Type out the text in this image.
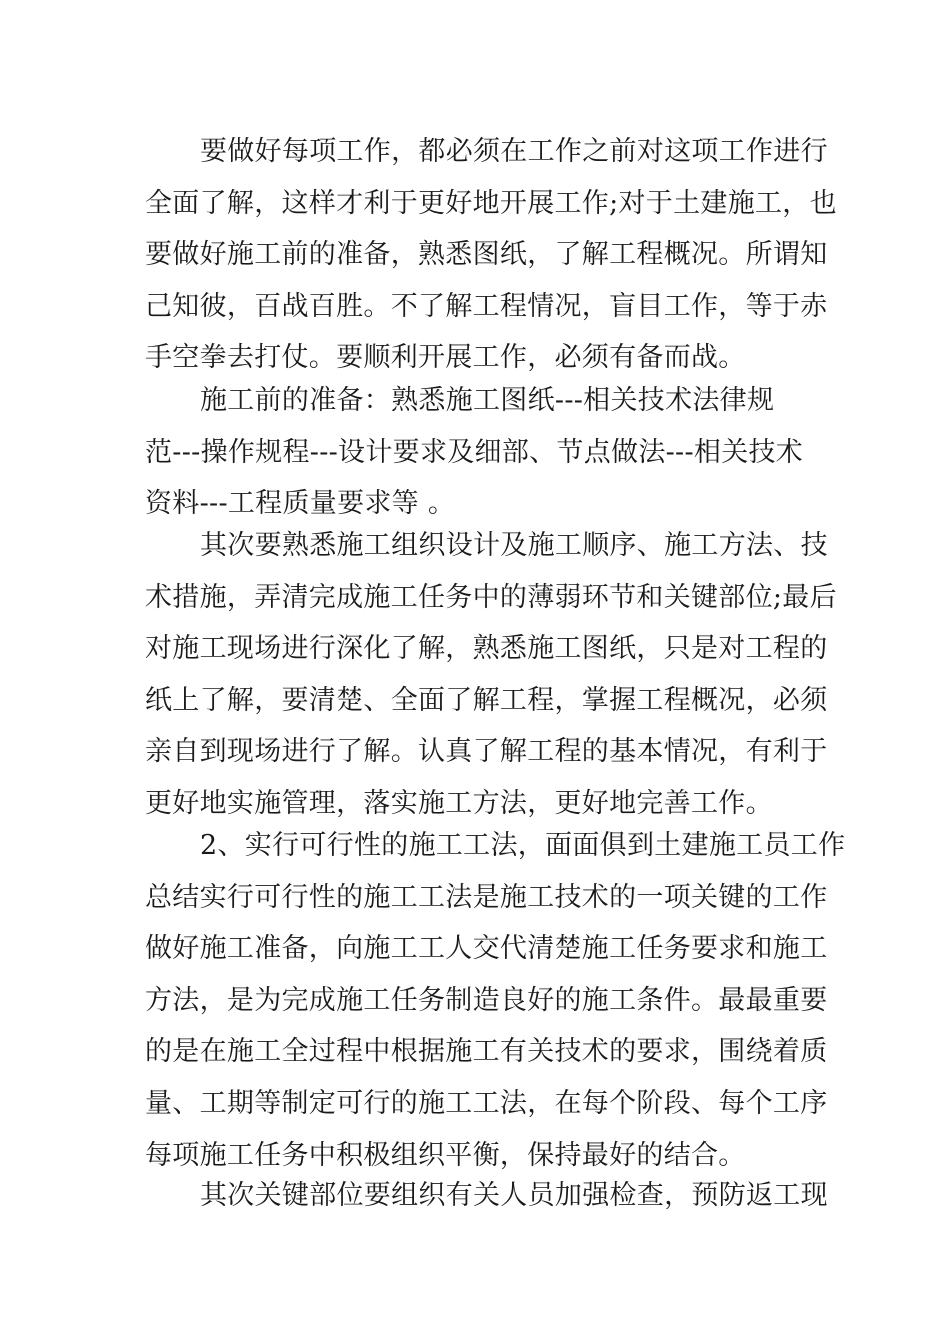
要做好每项工作，都必须在工作之前对这项工作进行
全面了解，这样才利于更好地开展工作;对于土建施工，也
要做好施工前的准备，熟悉图纸，了解工程概况。所谓知
己知彼，百战百胜。不了解工程情况，盲目工作，等于赤
手空拳去打仗。要顺利开展工作，必须有备而战。
施工前的准备：熟悉施工图纸---相关技术法律规
范---操作规程---设计要求及细部、节点做法---相关技术
资料---工程质量要求等 。
其次要熟悉施工组织设计及施工顺序、施工方法、技
术措施，弄清完成施工任务中的薄弱环节和关键部位;最后
对施工现场进行深化了解，熟悉施工图纸，只是对工程的
纸上了解，要清楚、全面了解工程，掌握工程概况，必须
亲自到现场进行了解。认真了解工程的基本情况，有利于
更好地实施管理，落实施工方法，更好地完善工作。
2、实行可行性的施工工法，面面俱到土建施工员工作
总结实行可行性的施工工法是施工技术的一项关键的工作
做好施工准备，向施工工人交代清楚施工任务要求和施工
方法，是为完成施工任务制造良好的施工条件。最最重要
的是在施工全过程中根据施工有关技术的要求，围绕着质
量、工期等制定可行的施工工法，在每个阶段、每个工序
每项施工任务中积极组织平衡，保持最好的结合。
其次关键部位要组织有关人员加强检查，预防返工现
